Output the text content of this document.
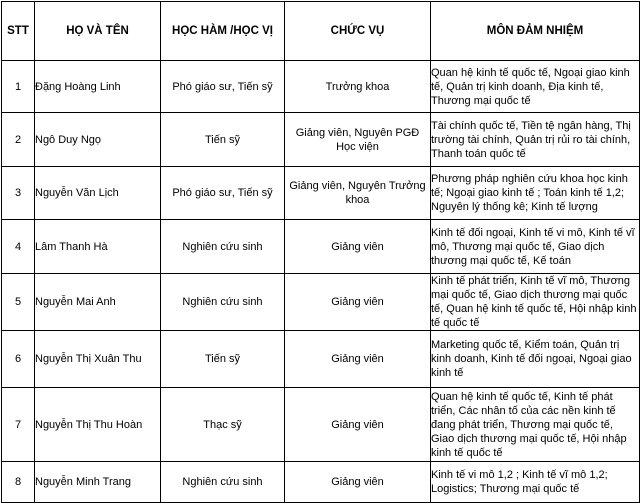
STT	HỌ VÀ TÊN	HỌC HÀM /HỌC VỊ	CHỨC VỤ	MÔN ĐẢM NHIỆM
1	Đặng Hoàng Linh	Phó giáo sư, Tiến sỹ	Trưởng khoa	Quan hệ kinh tế quốc tế, Ngoại giao kinh tế, Quản trị kinh doanh, Địa kinh tế, Thương mại quốc tế
2	Ngô Duy Ngọ	Tiến sỹ	Giảng viên, Nguyên PGĐ Học viện	Tài chính quốc tế, Tiền tệ ngân hàng, Thị trường tài chính, Quản trị rủi ro tài chính, Thanh toán quốc tế
3	Nguyễn Văn Lịch	Phó giáo sư, Tiến sỹ	Giảng viên, Nguyên Trưởng khoa	Phương pháp nghiên cứu khoa học kinh tế; Ngoại giao kinh tế ; Toán kinh tế 1,2; Nguyên lý thống kê; Kinh tế lượng
4	Lâm Thanh Hà	Nghiên cứu sinh	Giảng viên	Kinh tế đối ngoại, Kinh tế vi mô, Kinh tế vĩ mô, Thương mại quốc tế, Giao dịch thương mại quốc tế, Kế toán
5	Nguyễn Mai Anh	Nghiên cứu sinh	Giảng viên	Kinh tế phát triển, Kinh tế vĩ mô, Thương mại quốc tế, Giao dịch thương mại quốc tế, Quan hệ kinh tế quốc tế, Hội nhập kinh tế quốc tế
6	Nguyễn Thị Xuân Thu	Tiến sỹ	Giảng viên	Marketing quốc tế, Kiểm toán, Quản trị kinh doanh, Kinh tế đối ngoại, Ngoại giao kinh tế
7	Nguyễn Thị Thu Hoàn	Thạc sỹ	Giảng viên	Quan hệ kinh tế quốc tế, Kinh tế phát triển, Các nhân tố của các nền kinh tế đang phát triển, Thương mại quốc tế, Giao dịch thương mại quốc tế, Hội nhập kinh tế quốc tế
8	Nguyễn Minh Trang	Nghiên cứu sinh	Giảng viên	Kinh tế vi mô 1,2 ; Kinh tế vĩ mô 1,2; Logistics; Thương mại quốc tế
